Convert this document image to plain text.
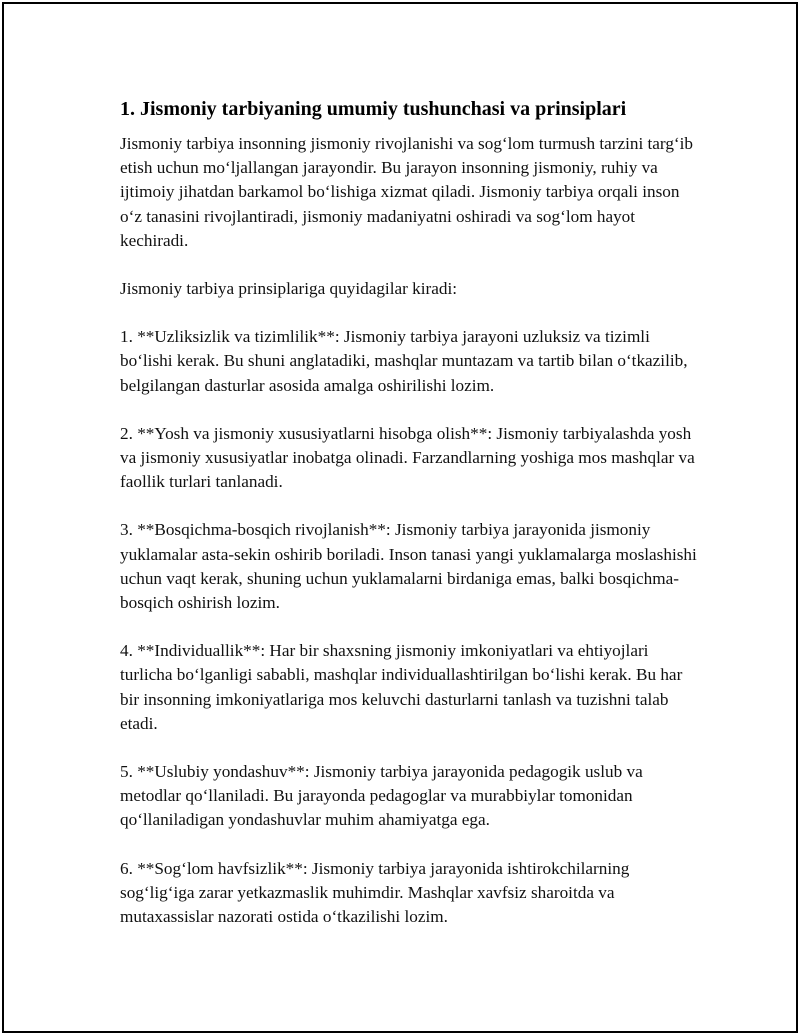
1. Jismoniy tarbiyaning umumiy tushunchasi va prinsiplari

Jismoniy tarbiya insonning jismoniy rivojlanishi va sog‘lom turmush tarzini targ‘ib etish uchun mo‘ljallangan jarayondir. Bu jarayon insonning jismoniy, ruhiy va ijtimoiy jihatdan barkamol bo‘lishiga xizmat qiladi. Jismoniy tarbiya orqali inson o‘z tanasini rivojlantiradi, jismoniy madaniyatni oshiradi va sog‘lom hayot kechiradi.

Jismoniy tarbiya prinsiplariga quyidagilar kiradi:

1. **Uzliksizlik va tizimlilik**: Jismoniy tarbiya jarayoni uzluksiz va tizimli bo‘lishi kerak. Bu shuni anglatadiki, mashqlar muntazam va tartib bilan o‘tkazilib, belgilangan dasturlar asosida amalga oshirilishi lozim.

2. **Yosh va jismoniy xususiyatlarni hisobga olish**: Jismoniy tarbiyalashda yosh va jismoniy xususiyatlar inobatga olinadi. Farzandlarning yoshiga mos mashqlar va faollik turlari tanlanadi.

3. **Bosqichma-bosqich rivojlanish**: Jismoniy tarbiya jarayonida jismoniy yuklamalar asta-sekin oshirib boriladi. Inson tanasi yangi yuklamalarga moslashishi uchun vaqt kerak, shuning uchun yuklamalarni birdaniga emas, balki bosqichma-bosqich oshirish lozim.

4. **Individuallik**: Har bir shaxsning jismoniy imkoniyatlari va ehtiyojlari turlicha bo‘lganligi sababli, mashqlar individuallashtirilgan bo‘lishi kerak. Bu har bir insonning imkoniyatlariga mos keluvchi dasturlarni tanlash va tuzishni talab etadi.

5. **Uslubiy yondashuv**: Jismoniy tarbiya jarayonida pedagogik uslub va metodlar qo‘llaniladi. Bu jarayonda pedagoglar va murabbiylar tomonidan qo‘llaniladigan yondashuvlar muhim ahamiyatga ega.

6. **Sog‘lom havfsizlik**: Jismoniy tarbiya jarayonida ishtirokchilarning sog‘lig‘iga zarar yetkazmaslik muhimdir. Mashqlar xavfsiz sharoitda va mutaxassislar nazorati ostida o‘tkazilishi lozim.
